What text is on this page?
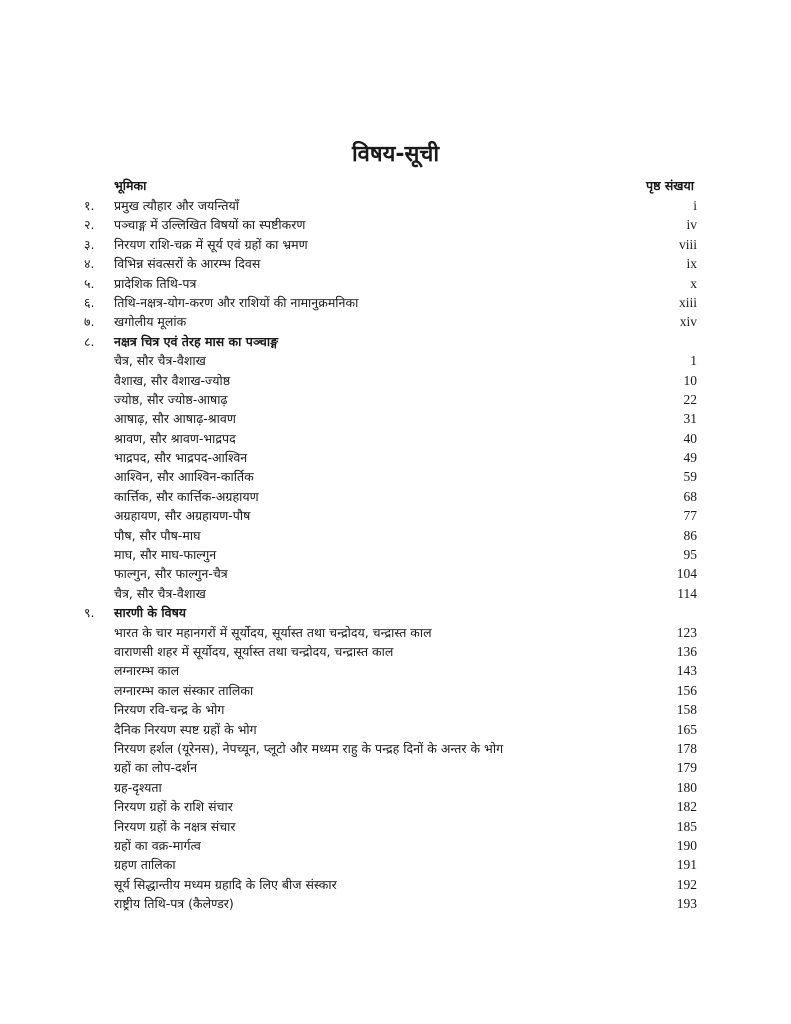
विषय-सूची
भूमिका	पृष्ठ संखया
१.	प्रमुख त्यौहार और जयन्तियाँ	i
२.	पञ्चाङ्ग में उल्लिखित विषयों का स्पष्टीकरण	iv
३.	निरयण राशि-चक्र में सूर्य एवं ग्रहों का भ्रमण	viii
४.	विभिन्न संवत्सरों के आरम्भ दिवस	ix
५.	प्रादेशिक तिथि-पत्र	x
६.	तिथि-नक्षत्र-योग-करण और राशियों की नामानुक्रमनिका	xiii
७.	खगोलीय मूलांक	xiv
८.	नक्षत्र चित्र एवं तेरह मास का पञ्चाङ्ग
चैत्र, सौर चैत्र-वैशाख	1
वैशाख, सौर वैशाख-ज्योष्ठ	10
ज्योष्ठ, सौर ज्योष्ठ-आषाढ़	22
आषाढ़, सौर आषाढ़-श्रावण	31
श्रावण, सौर श्रावण-भाद्रपद	40
भाद्रपद, सौर भाद्रपद-आश्विन	49
आश्विन, सौर आाश्विन-कार्तिक	59
कार्त्तिक, सौर कार्त्तिक-अग्रहायण	68
अग्रहायण, सौर अग्रहायण-पौष	77
पौष, सौर पौष-माघ	86
माघ, सौर माघ-फाल्गुन	95
फाल्गुन, सौर फाल्गुन-चैत्र	104
चैत्र, सौर चैत्र-वैशाख	114
९.	सारणी के विषय
भारत के चार महानगरों में सूर्योदय, सूर्यास्त तथा चन्द्रोदय, चन्द्रास्त काल	123
वाराणसी शहर में सूर्योदय, सूर्यास्त तथा चन्द्रोदय, चन्द्रास्त काल	136
लग्नारम्भ काल	143
लग्नारम्भ काल संस्कार तालिका	156
निरयण रवि-चन्द्र के भोग	158
दैनिक निरयण स्पष्ट ग्रहों के भोग	165
निरयण हर्शल (यूरेनस), नेपच्यून, प्लूटो और मध्यम राहु के पन्द्रह दिनों के अन्तर के भोग	178
ग्रहों का लोप-दर्शन	179
ग्रह-दृश्यता	180
निरयण ग्रहों के राशि संचार	182
निरयण ग्रहों के नक्षत्र संचार	185
ग्रहों का वक्र-मार्गत्व	190
ग्रहण तालिका	191
सूर्य सिद्धान्तीय मध्यम ग्रहादि के लिए बीज संस्कार	192
राष्ट्रीय तिथि-पत्र (कैलेण्डर)	193
